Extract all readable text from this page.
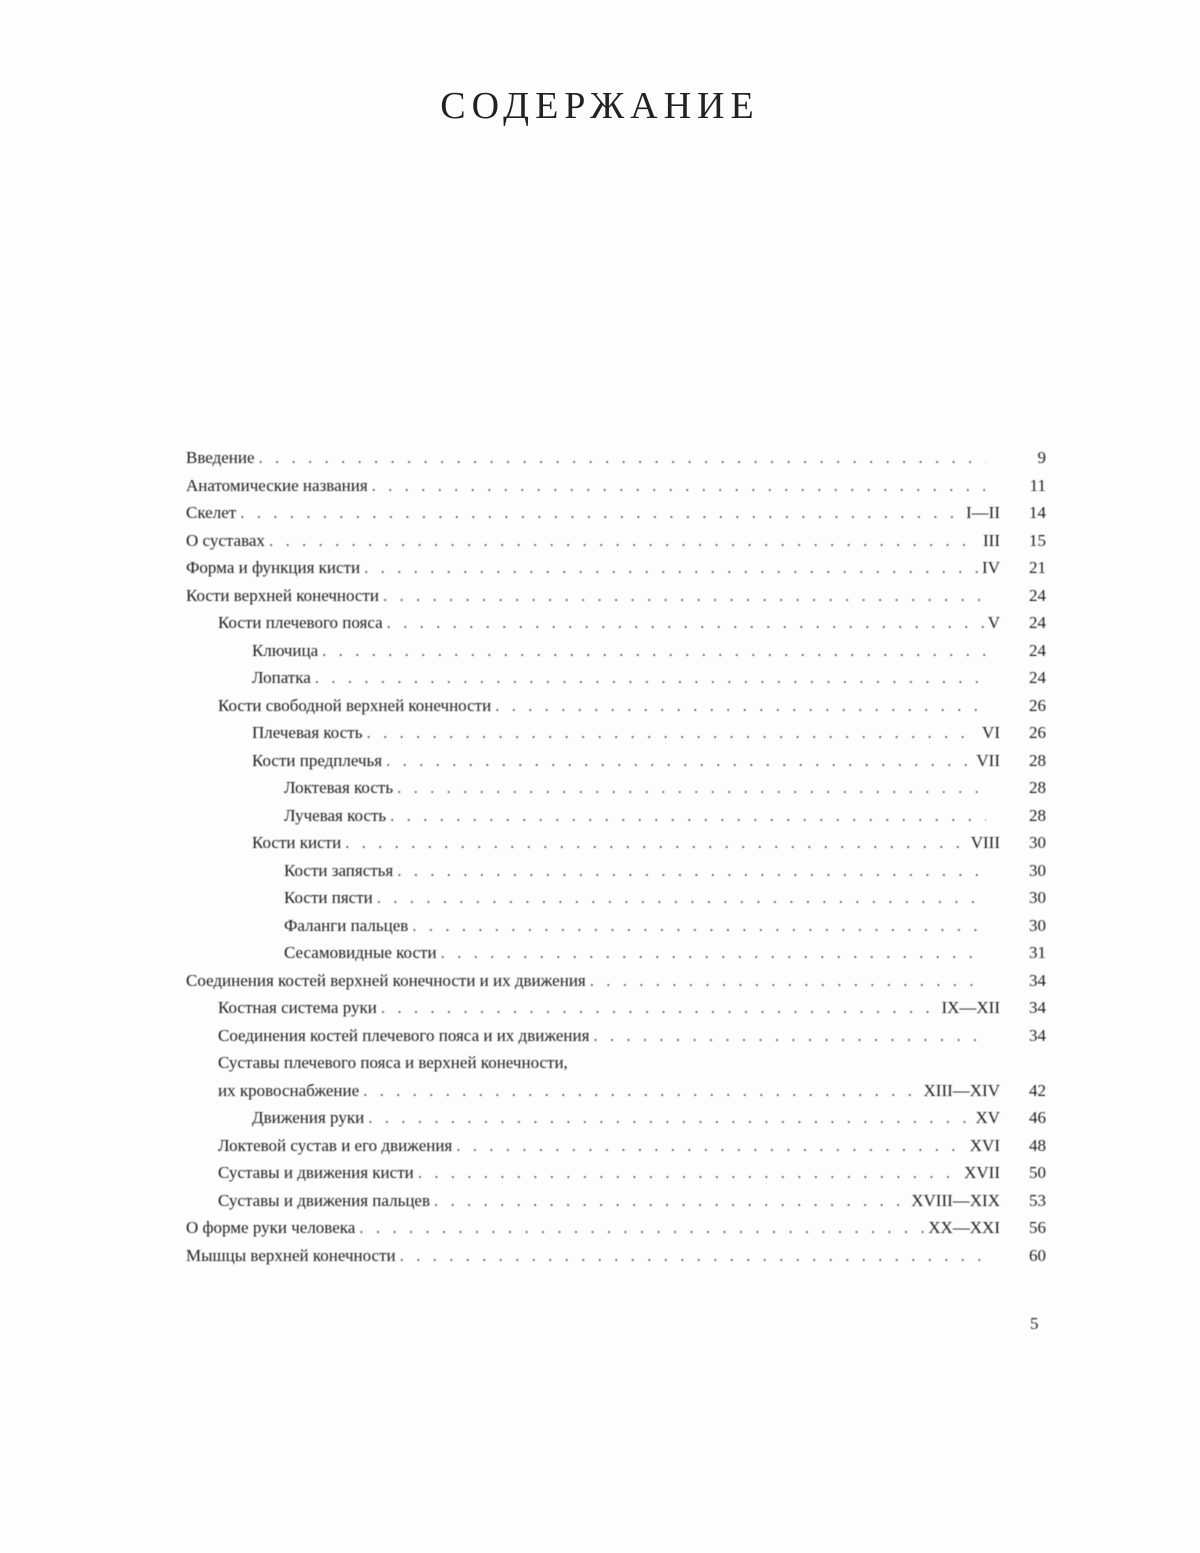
СОДЕРЖАНИЕ
Введение . . .	9
Анатомические названия . . .	11
Скелет . . .	I—II	14
О суставах . . .	III	15
Форма и функция кисти . . .	IV	21
Кости верхней конечности . . .	24
Кости плечевого пояса . . .	V	24
Ключица . . .	24
Лопатка . . .	24
Кости свободной верхней конечности . . .	26
Плечевая кость . . .	VI	26
Кости предплечья . . .	VII	28
Локтевая кость . . .	28
Лучевая кость . . .	28
Кости кисти . . .	VIII	30
Кости запястья . . .	30
Кости пясти . . .	30
Фаланги пальцев . . .	30
Сесамовидные кости . . .	31
Соединения костей верхней конечности и их движения . . .	34
Костная система руки . . .	IX—XII	34
Соединения костей плечевого пояса и их движения . . .	34
Суставы плечевого пояса и верхней конечности,
их кровоснабжение . . .	XIII—XIV	42
Движения руки . . .	XV	46
Локтевой сустав и его движения . . .	XVI	48
Суставы и движения кисти . . .	XVII	50
Суставы и движения пальцев . . .	XVIII—XIX	53
О форме руки человека . . .	XX—XXI	56
Мышцы верхней конечности . . .	60
5
